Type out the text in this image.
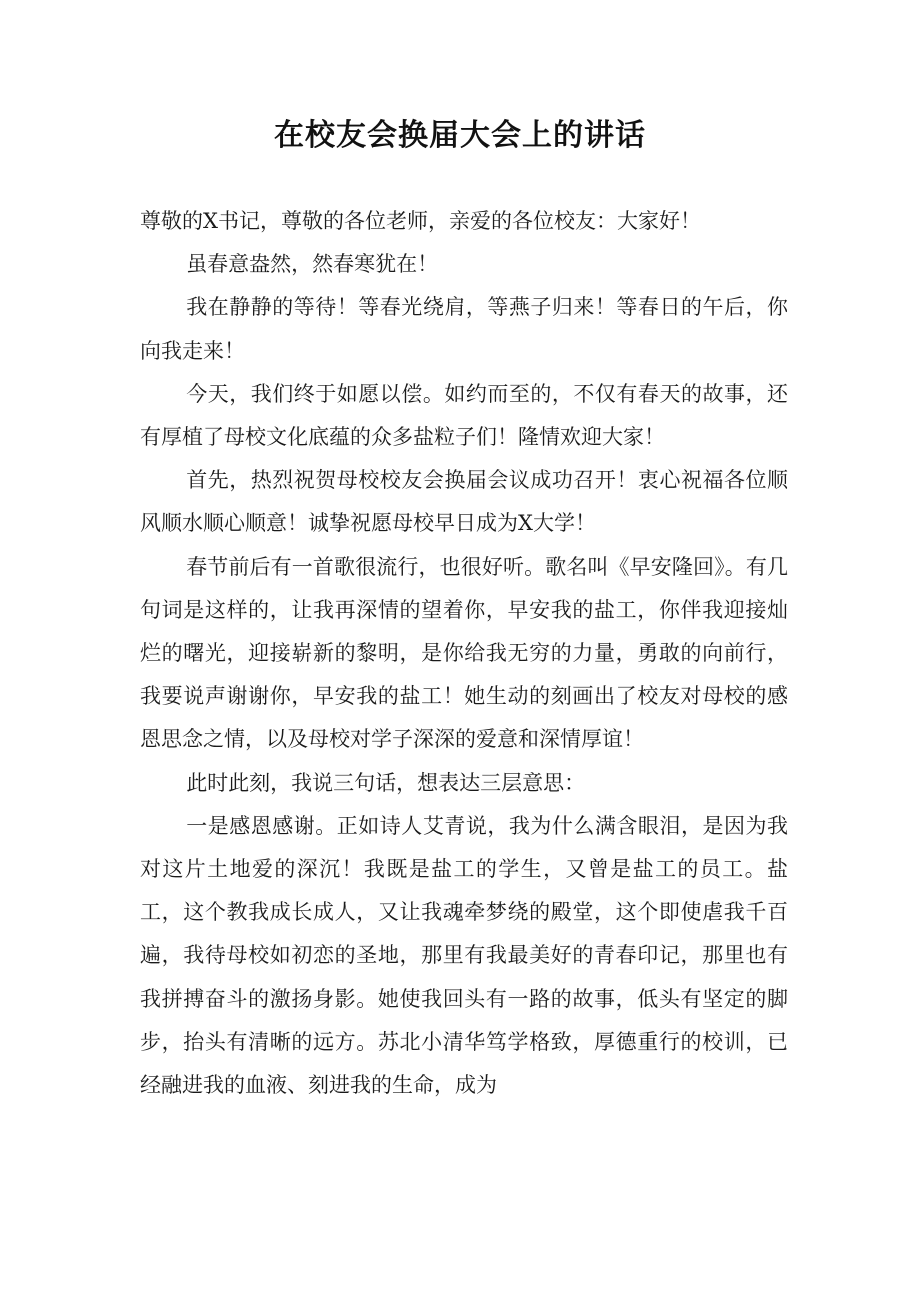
在校友会换届大会上的讲话

尊敬的X书记，尊敬的各位老师，亲爱的各位校友：大家好！

虽春意盎然，然春寒犹在！

我在静静的等待！等春光绕肩，等燕子归来！等春日的午后，你向我走来！

今天，我们终于如愿以偿。如约而至的，不仅有春天的故事，还有厚植了母校文化底蕴的众多盐粒子们！隆情欢迎大家！

首先，热烈祝贺母校校友会换届会议成功召开！衷心祝福各位顺风顺水顺心顺意！诚挚祝愿母校早日成为X大学！

春节前后有一首歌很流行，也很好听。歌名叫《早安隆回》。有几句词是这样的，让我再深情的望着你，早安我的盐工，你伴我迎接灿烂的曙光，迎接崭新的黎明，是你给我无穷的力量，勇敢的向前行，我要说声谢谢你，早安我的盐工！她生动的刻画出了校友对母校的感恩思念之情，以及母校对学子深深的爱意和深情厚谊！

此时此刻，我说三句话，想表达三层意思：

一是感恩感谢。正如诗人艾青说，我为什么满含眼泪，是因为我对这片土地爱的深沉！我既是盐工的学生，又曾是盐工的员工。盐工，这个教我成长成人，又让我魂牵梦绕的殿堂，这个即使虐我千百遍，我待母校如初恋的圣地，那里有我最美好的青春印记，那里也有我拼搏奋斗的激扬身影。她使我回头有一路的故事，低头有坚定的脚步，抬头有清晰的远方。苏北小清华笃学格致，厚德重行的校训，已经融进我的血液、刻进我的生命，成为
